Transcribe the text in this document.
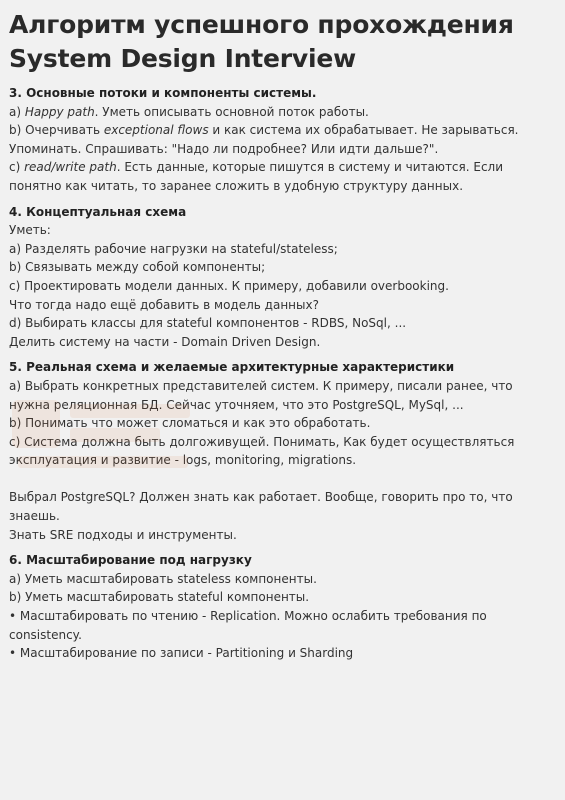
Алгоритм успешного прохождения
System Design Interview
3. Основные потоки и компоненты системы.
a) Happy path. Уметь описывать основной поток работы.
b) Очерчивать exceptional flows и как система их обрабатывает. Не зарываться.
Упоминать. Спрашивать: "Надо ли подробнее? Или идти дальше?".
c) read/write path. Есть данные, которые пишутся в систему и читаются. Если
понятно как читать, то заранее сложить в удобную структуру данных.
4. Концептуальная схема
Уметь:
a) Разделять рабочие нагрузки на stateful/stateless;
b) Связывать между собой компоненты;
c) Проектировать модели данных. К примеру, добавили overbooking.
Что тогда надо ещё добавить в модель данных?
d) Выбирать классы для stateful компонентов - RDBS, NoSql, ...
Делить систему на части - Domain Driven Design.
5. Реальная схема и желаемые архитектурные характеристики
a) Выбрать конкретных представителей систем. К примеру, писали ранее, что
нужна реляционная БД. Сейчас уточняем, что это PostgreSQL, MySql, ...
b) Понимать что может сломаться и как это обработать.
c) Система должна быть долгоживущей. Понимать, Как будет осуществляться
эксплуатация и развитие - logs, monitoring, migrations.
Выбрал PostgreSQL? Должен знать как работает. Вообще, говорить про то, что
знаешь.
Знать SRE подходы и инструменты.
6. Масштабирование под нагрузку
a) Уметь масштабировать stateless компоненты.
b) Уметь масштабировать stateful компоненты.
• Масштабировать по чтению - Replication. Можно ослабить требования по
consistency.
• Масштабирование по записи - Partitioning и Sharding
